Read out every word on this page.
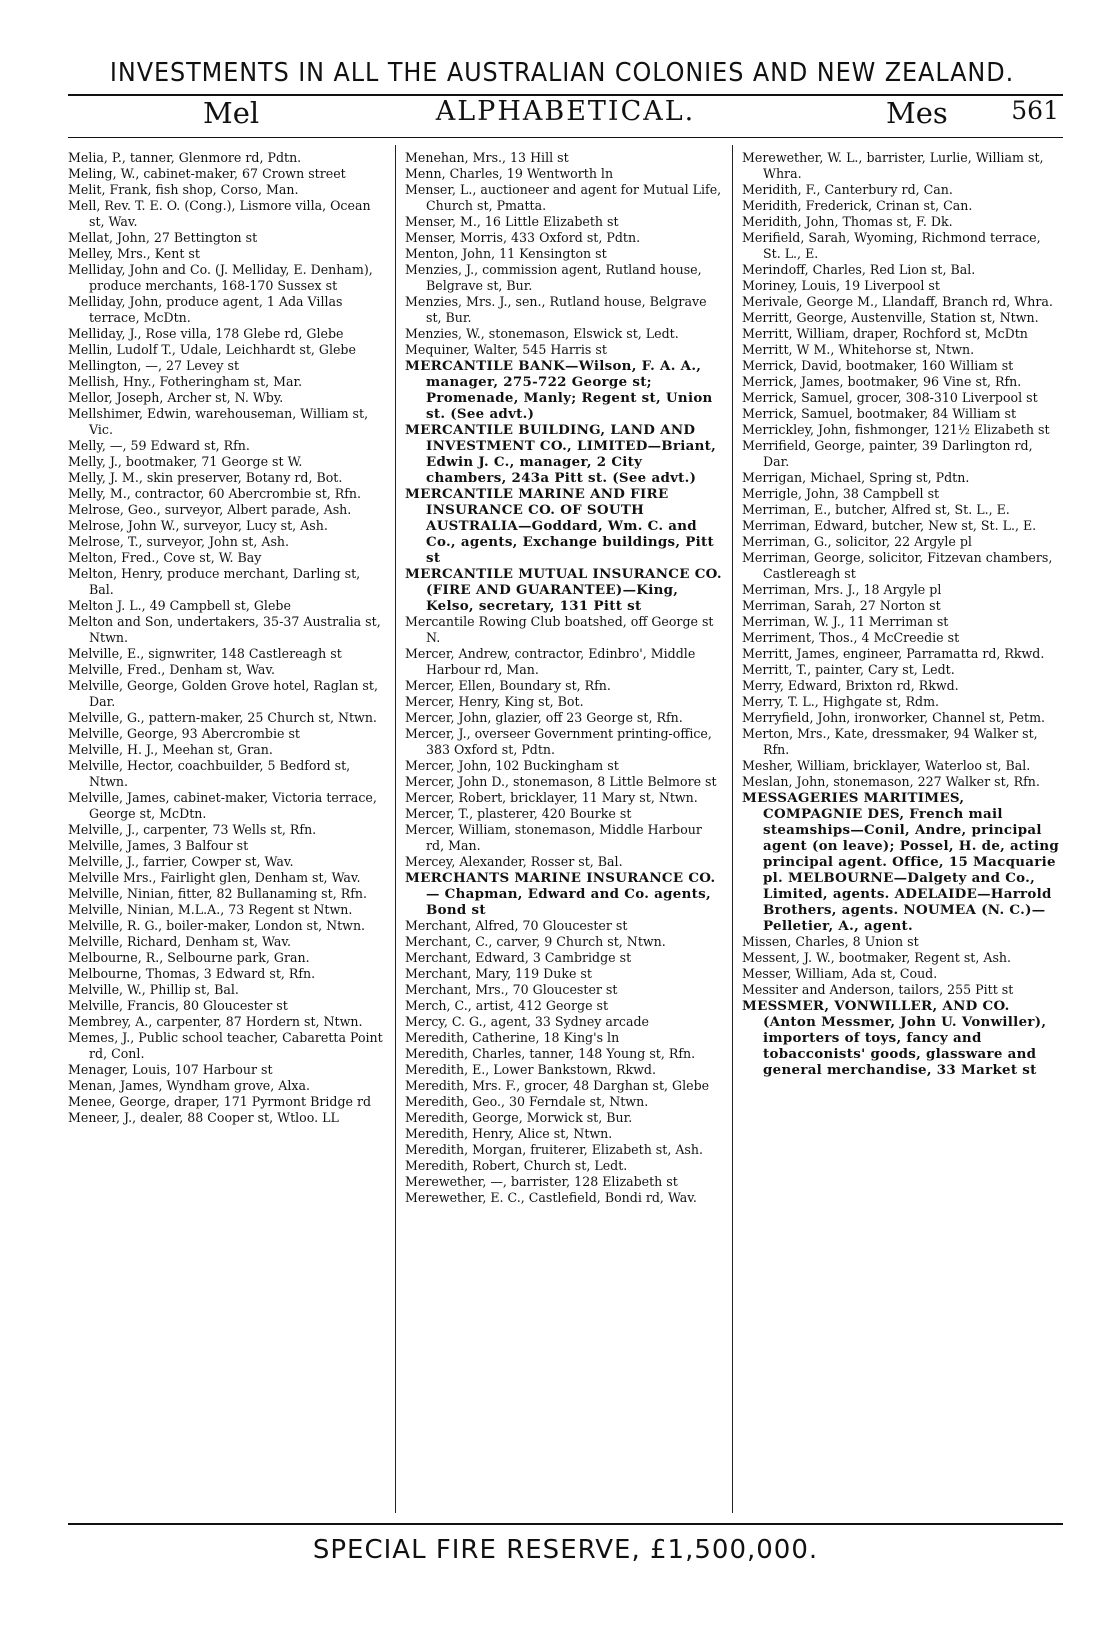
INVESTMENTS IN ALL THE AUSTRALIAN COLONIES AND NEW ZEALAND.
Mel	ALPHABETICAL.	Mes	561

Melia, P., tanner, Glenmore rd, Pdtn.

Meling, W., cabinet-maker, 67 Crown street

Melit, Frank, fish shop, Corso, Man.

Mell, Rev. T. E. O. (Cong.), Lismore villa, Ocean st, Wav.

Mellat, John, 27 Bettington st

Melley, Mrs., Kent st

Melliday, John and Co. (J. Melliday, E. Denham), produce merchants, 168-170 Sussex st

Melliday, John, produce agent, 1 Ada Villas terrace, McDtn.

Melliday, J., Rose villa, 178 Glebe rd, Glebe

Mellin, Ludolf T., Udale, Leichhardt st, Glebe

Mellington, —, 27 Levey st

Mellish, Hny., Fotheringham st, Mar.

Mellor, Joseph, Archer st, N. Wby.

Mellshimer, Edwin, warehouseman, William st, Vic.

Melly, —, 59 Edward st, Rfn.

Melly, J., bootmaker, 71 George st W.

Melly, J. M., skin preserver, Botany rd, Bot.

Melly, M., contractor, 60 Abercrombie st, Rfn.

Melrose, Geo., surveyor, Albert parade, Ash.

Melrose, John W., surveyor, Lucy st, Ash.

Melrose, T., surveyor, John st, Ash.

Melton, Fred., Cove st, W. Bay

Melton, Henry, produce merchant, Darling st, Bal.

Melton J. L., 49 Campbell st, Glebe

Melton and Son, undertakers, 35-37 Australia st, Ntwn.

Melville, E., signwriter, 148 Castlereagh st

Melville, Fred., Denham st, Wav.

Melville, George, Golden Grove hotel, Raglan st, Dar.

Melville, G., pattern-maker, 25 Church st, Ntwn.

Melville, George, 93 Abercrombie st

Melville, H. J., Meehan st, Gran.

Melville, Hector, coachbuilder, 5 Bedford st, Ntwn.

Melville, James, cabinet-maker, Victoria terrace, George st, McDtn.

Melville, J., carpenter, 73 Wells st, Rfn.

Melville, James, 3 Balfour st

Melville, J., farrier, Cowper st, Wav.

Melville Mrs., Fairlight glen, Denham st, Wav.

Melville, Ninian, fitter, 82 Bullanaming st, Rfn.

Melville, Ninian, M.L.A., 73 Regent st Ntwn.

Melville, R. G., boiler-maker, London st, Ntwn.

Melville, Richard, Denham st, Wav.

Melbourne, R., Selbourne park, Gran.

Melbourne, Thomas, 3 Edward st, Rfn.

Melville, W., Phillip st, Bal.

Melville, Francis, 80 Gloucester st

Membrey, A., carpenter, 87 Hordern st, Ntwn.

Memes, J., Public school teacher, Cabaretta Point rd, Conl.

Menager, Louis, 107 Harbour st

Menan, James, Wyndham grove, Alxa.

Menee, George, draper, 171 Pyrmont Bridge rd

Meneer, J., dealer, 88 Cooper st, Wtloo. LL

Menehan, Mrs., 13 Hill st

Menn, Charles, 19 Wentworth ln

Menser, L., auctioneer and agent for Mutual Life, Church st, Pmatta.

Menser, M., 16 Little Elizabeth st

Menser, Morris, 433 Oxford st, Pdtn.

Menton, John, 11 Kensington st

Menzies, J., commission agent, Rutland house, Belgrave st, Bur.

Menzies, Mrs. J., sen., Rutland house, Belgrave st, Bur.

Menzies, W., stonemason, Elswick st, Ledt.

Mequiner, Walter, 545 Harris st

MERCANTILE BANK—Wilson, F. A. A., manager, 275-722 George st; Promenade, Manly; Regent st, Union st. (See advt.)

MERCANTILE BUILDING, LAND AND INVESTMENT CO., LIMITED—Briant, Edwin J. C., manager, 2 City chambers, 243a Pitt st. (See advt.)

MERCANTILE MARINE AND FIRE INSURANCE CO. OF SOUTH AUSTRALIA—Goddard, Wm. C. and Co., agents, Exchange buildings, Pitt st

MERCANTILE MUTUAL INSURANCE CO. (FIRE AND GUARANTEE)—King, Kelso, secretary, 131 Pitt st

Mercantile Rowing Club boatshed, off George st N.

Mercer, Andrew, contractor, Edinbro', Middle Harbour rd, Man.

Mercer, Ellen, Boundary st, Rfn.

Mercer, Henry, King st, Bot.

Mercer, John, glazier, off 23 George st, Rfn.

Mercer, J., overseer Government printing-office, 383 Oxford st, Pdtn.

Mercer, John, 102 Buckingham st

Mercer, John D., stonemason, 8 Little Belmore st

Mercer, Robert, bricklayer, 11 Mary st, Ntwn.

Mercer, T., plasterer, 420 Bourke st

Mercer, William, stonemason, Middle Harbour rd, Man.

Mercey, Alexander, Rosser st, Bal.

MERCHANTS MARINE INSURANCE CO. — Chapman, Edward and Co. agents, Bond st

Merchant, Alfred, 70 Gloucester st

Merchant, C., carver, 9 Church st, Ntwn.

Merchant, Edward, 3 Cambridge st

Merchant, Mary, 119 Duke st

Merchant, Mrs., 70 Gloucester st

Merch, C., artist, 412 George st

Mercy, C. G., agent, 33 Sydney arcade

Meredith, Catherine, 18 King's ln

Meredith, Charles, tanner, 148 Young st, Rfn.

Meredith, E., Lower Bankstown, Rkwd.

Meredith, Mrs. F., grocer, 48 Darghan st, Glebe

Meredith, Geo., 30 Ferndale st, Ntwn.

Meredith, George, Morwick st, Bur.

Meredith, Henry, Alice st, Ntwn.

Meredith, Morgan, fruiterer, Elizabeth st, Ash.

Meredith, Robert, Church st, Ledt.

Merewether, —, barrister, 128 Elizabeth st

Merewether, E. C., Castlefield, Bondi rd, Wav.

Merewether, W. L., barrister, Lurlie, William st, Whra.

Meridith, F., Canterbury rd, Can.

Meridith, Frederick, Crinan st, Can.

Meridith, John, Thomas st, F. Dk.

Merifield, Sarah, Wyoming, Richmond terrace, St. L., E.

Merindoff, Charles, Red Lion st, Bal.

Moriney, Louis, 19 Liverpool st

Merivale, George M., Llandaff, Branch rd, Whra.

Merritt, George, Austenville, Station st, Ntwn.

Merritt, William, draper, Rochford st, McDtn

Merritt, W M., Whitehorse st, Ntwn.

Merrick, David, bootmaker, 160 William st

Merrick, James, bootmaker, 96 Vine st, Rfn.

Merrick, Samuel, grocer, 308-310 Liverpool st

Merrick, Samuel, bootmaker, 84 William st

Merrickley, John, fishmonger, 121½ Elizabeth st

Merrifield, George, painter, 39 Darlington rd, Dar.

Merrigan, Michael, Spring st, Pdtn.

Merrigle, John, 38 Campbell st

Merriman, E., butcher, Alfred st, St. L., E.

Merriman, Edward, butcher, New st, St. L., E.

Merriman, G., solicitor, 22 Argyle pl

Merriman, George, solicitor, Fitzevan chambers, Castlereagh st

Merriman, Mrs. J., 18 Argyle pl

Merriman, Sarah, 27 Norton st

Merriman, W. J., 11 Merriman st

Merriment, Thos., 4 McCreedie st

Merritt, James, engineer, Parramatta rd, Rkwd.

Merritt, T., painter, Cary st, Ledt.

Merry, Edward, Brixton rd, Rkwd.

Merry, T. L., Highgate st, Rdm.

Merryfield, John, ironworker, Channel st, Petm.

Merton, Mrs., Kate, dressmaker, 94 Walker st, Rfn.

Mesher, William, bricklayer, Waterloo st, Bal.

Meslan, John, stonemason, 227 Walker st, Rfn.

MESSAGERIES MARITIMES, COMPAGNIE DES, French mail steamships—Conil, Andre, principal agent (on leave); Possel, H. de, acting principal agent. Office, 15 Macquarie pl. MELBOURNE—Dalgety and Co., Limited, agents. ADELAIDE—Harrold Brothers, agents. NOUMEA (N. C.)—Pelletier, A., agent.

Missen, Charles, 8 Union st

Messent, J. W., bootmaker, Regent st, Ash.

Messer, William, Ada st, Coud.

Messiter and Anderson, tailors, 255 Pitt st

MESSMER, VONWILLER, AND CO. (Anton Messmer, John U. Vonwiller), importers of toys, fancy and tobacconists' goods, glassware and general merchandise, 33 Market st

SPECIAL FIRE RESERVE, £1,500,000.
